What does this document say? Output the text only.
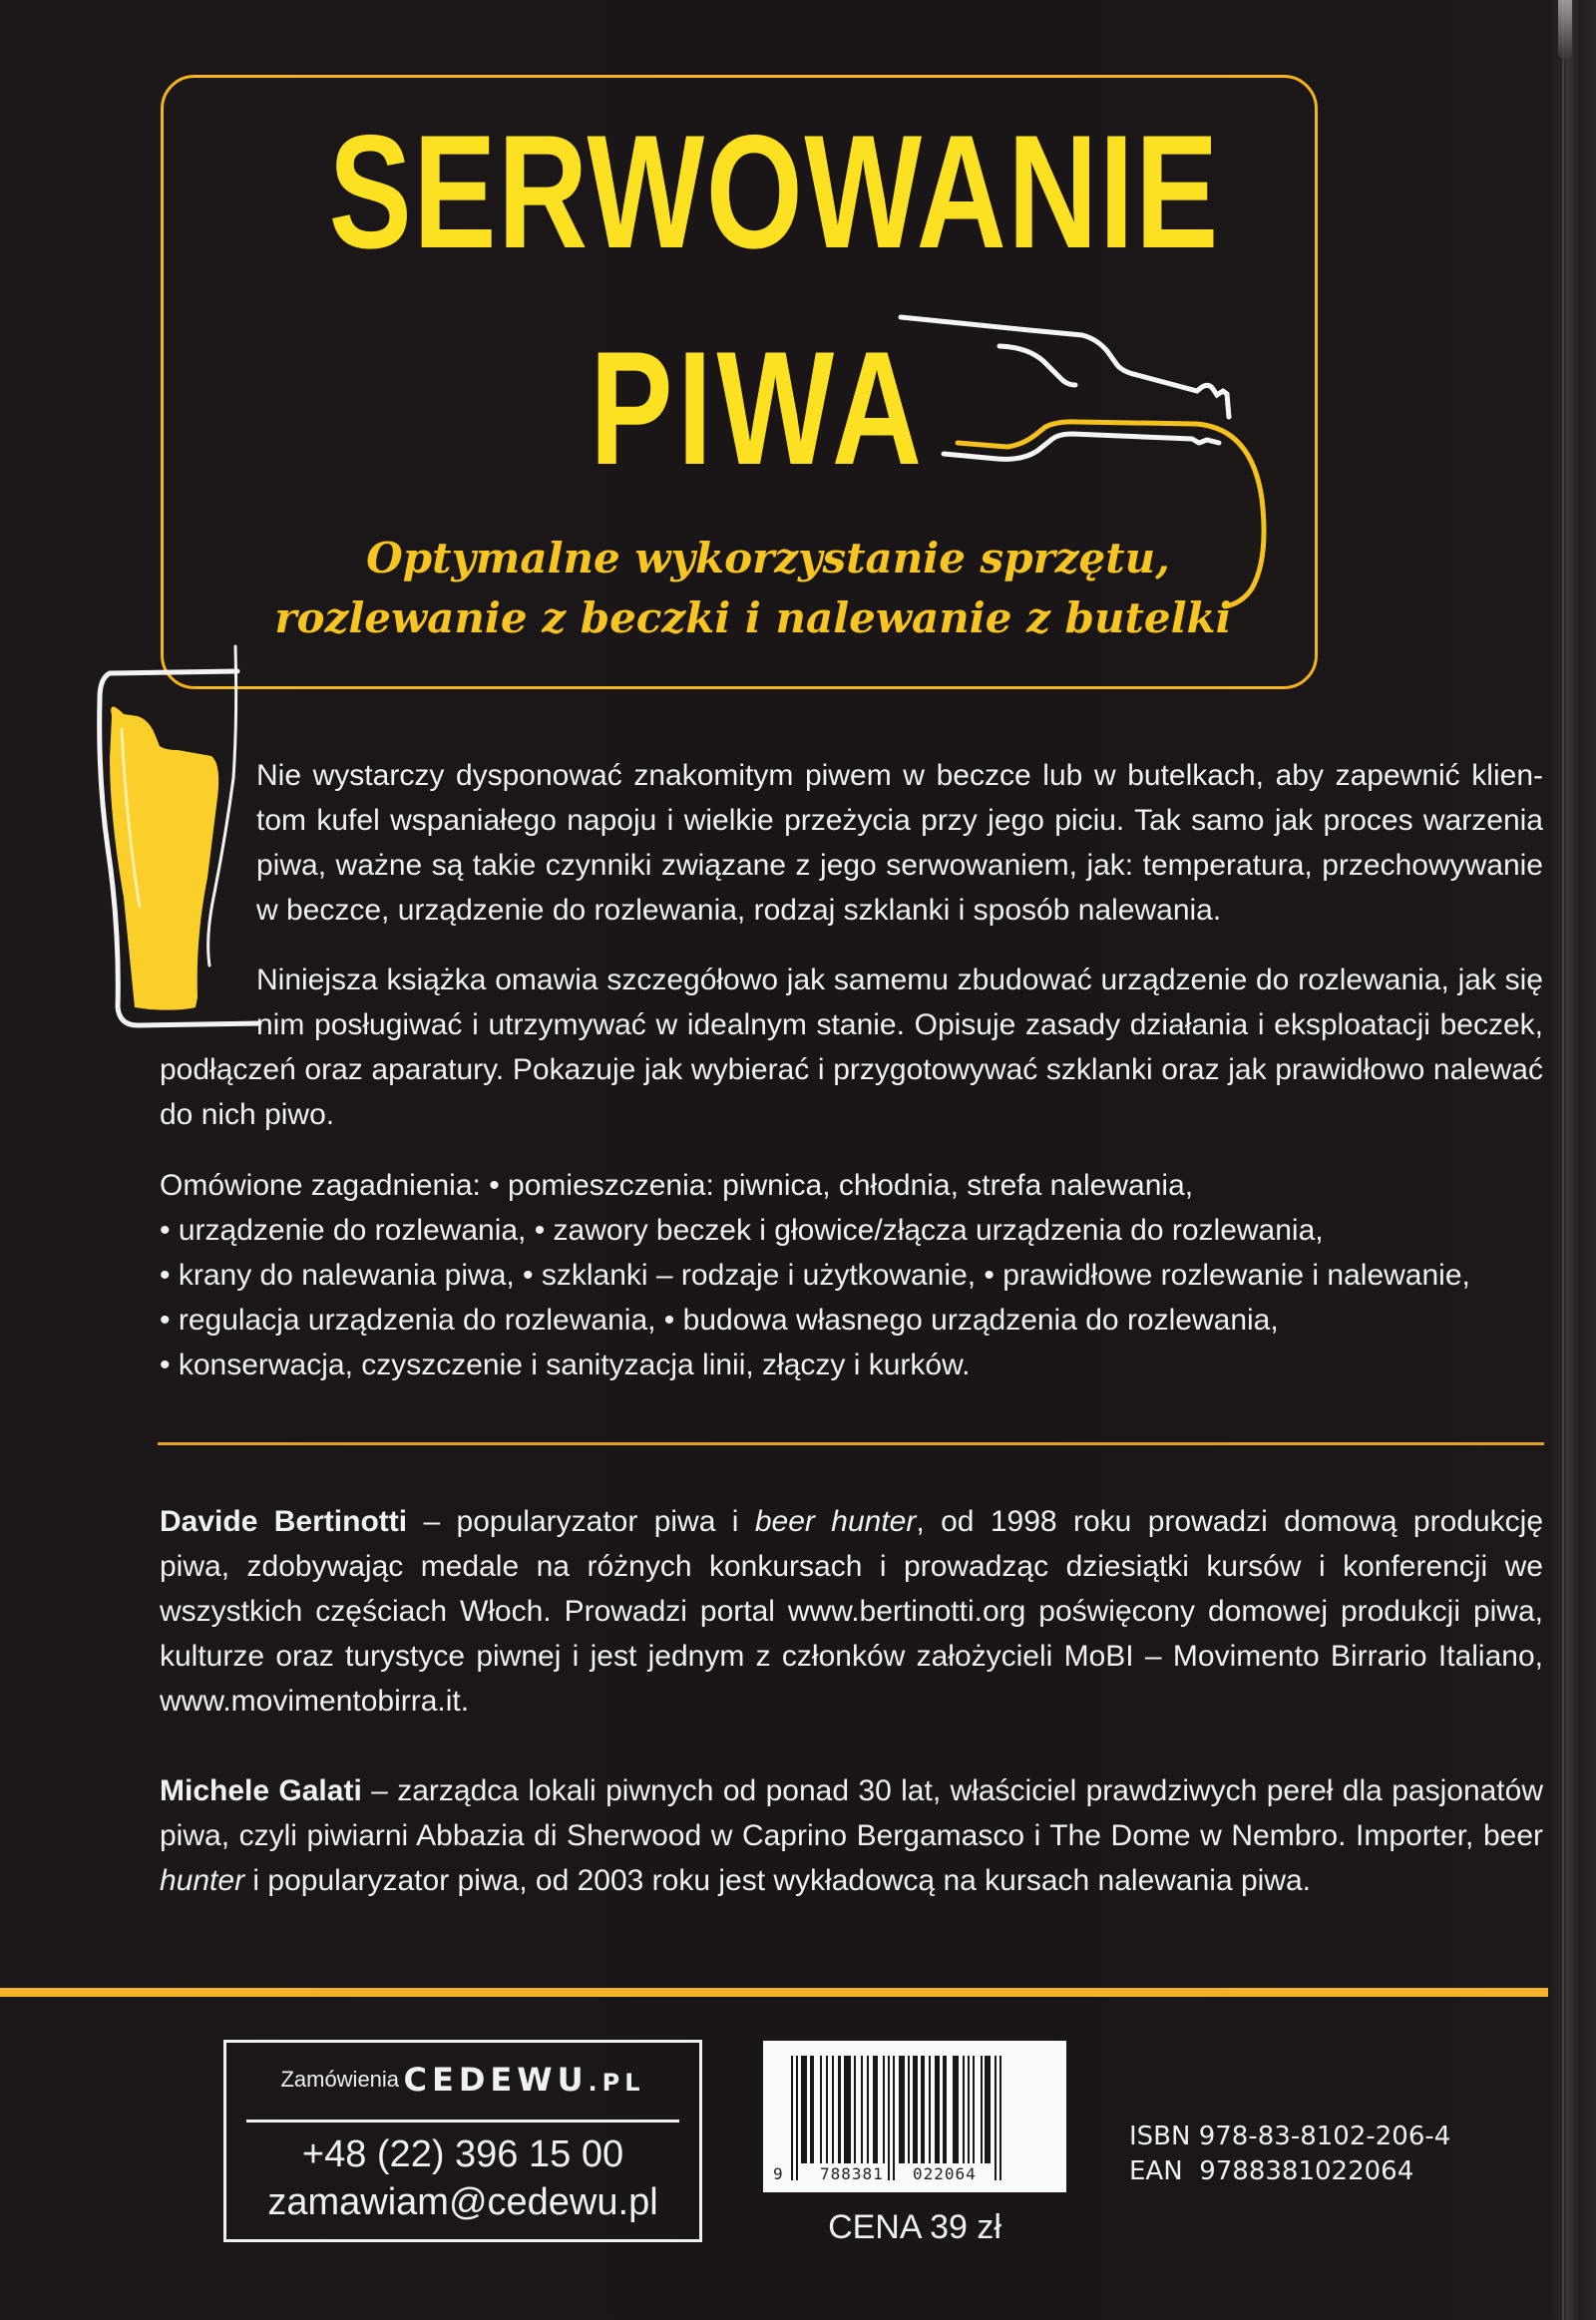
SERWOWANIE
PIWA
Optymalne wykorzystanie sprzętu,
rozlewanie z beczki i nalewanie z butelki
Nie wystarczy dysponować znakomitym piwem w beczce lub w butelkach, aby zapewnić klien-
tom kufel wspaniałego napoju i wielkie przeżycia przy jego piciu. Tak samo jak proces warzenia
piwa, ważne są takie czynniki związane z jego serwowaniem, jak: temperatura, przechowywanie
w beczce, urządzenie do rozlewania, rodzaj szklanki i sposób nalewania.
Niniejsza książka omawia szczegółowo jak samemu zbudować urządzenie do rozlewania, jak się
nim posługiwać i utrzymywać w idealnym stanie. Opisuje zasady działania i eksploatacji beczek,
podłączeń oraz aparatury. Pokazuje jak wybierać i przygotowywać szklanki oraz jak prawidłowo nalewać
do nich piwo.
Omówione zagadnienia: • pomieszczenia: piwnica, chłodnia, strefa nalewania,
• urządzenie do rozlewania, • zawory beczek i głowice/złącza urządzenia do rozlewania,
• krany do nalewania piwa, • szklanki – rodzaje i użytkowanie, • prawidłowe rozlewanie i nalewanie,
• regulacja urządzenia do rozlewania, • budowa własnego urządzenia do rozlewania,
• konserwacja, czyszczenie i sanityzacja linii, złączy i kurków.
Davide Bertinotti – popularyzator piwa i beer hunter, od 1998 roku prowadzi domową produkcję
piwa, zdobywając medale na różnych konkursach i prowadząc dziesiątki kursów i konferencji we
wszystkich częściach Włoch. Prowadzi portal www.bertinotti.org poświęcony domowej produkcji piwa,
kulturze oraz turystyce piwnej i jest jednym z członków założycieli MoBI – Movimento Birrario Italiano,
www.movimentobirra.it.
Michele Galati – zarządca lokali piwnych od ponad 30 lat, właściciel prawdziwych pereł dla pasjonatów
piwa, czyli piwiarni Abbazia di Sherwood w Caprino Bergamasco i The Dome w Nembro. Importer, beer
hunter i popularyzator piwa, od 2003 roku jest wykładowcą na kursach nalewania piwa.
Zamówienia CEDEWU.PL
+48 (22) 396 15 00
zamawiam@cedewu.pl
9 788381 022064
CENA 39 zł
ISBN 978-83-8102-206-4
EAN  9788381022064
